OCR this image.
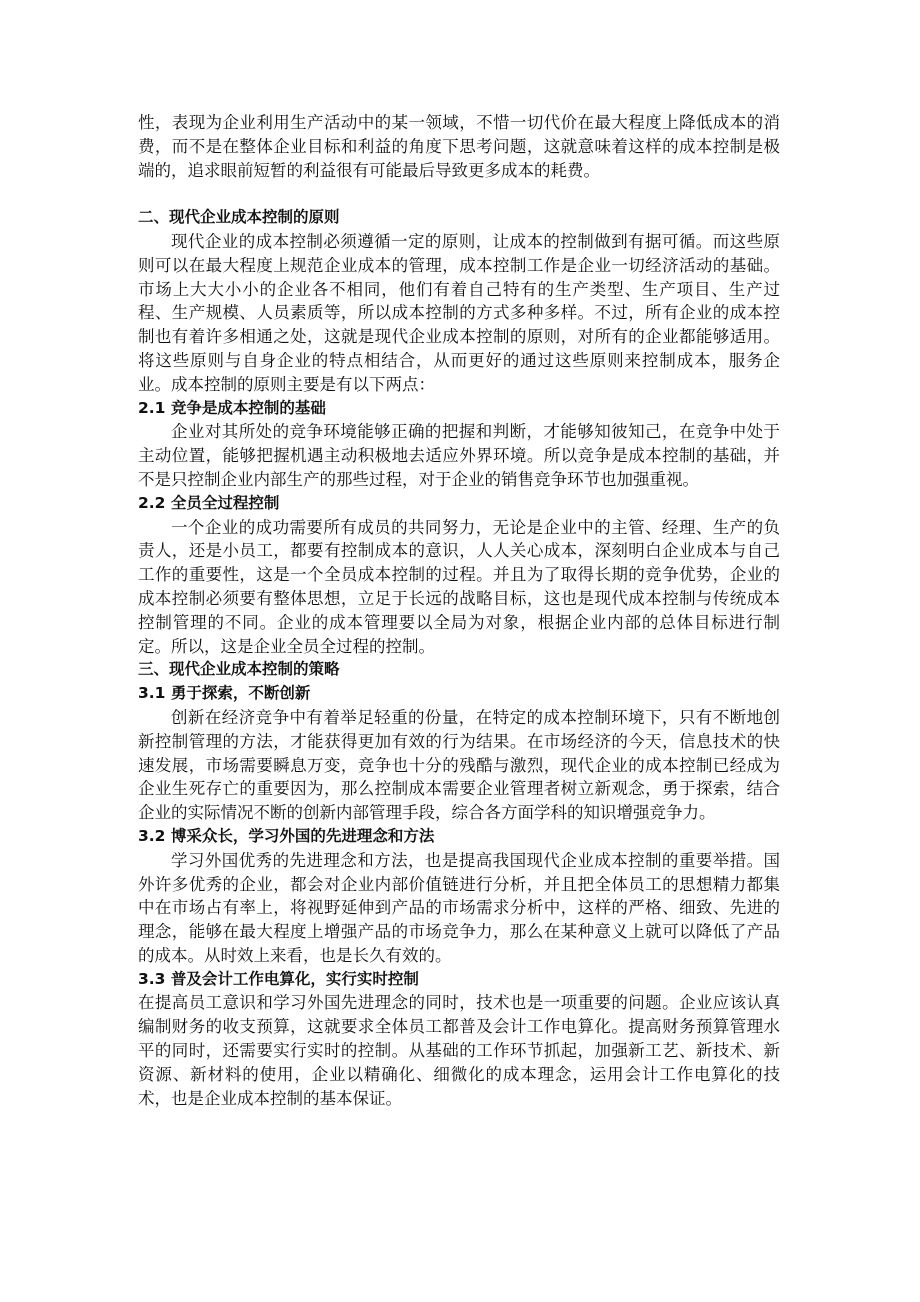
性，表现为企业利用生产活动中的某一领域，不惜一切代价在最大程度上降低成本的消费，而不是在整体企业目标和利益的角度下思考问题，这就意味着这样的成本控制是极端的，追求眼前短暂的利益很有可能最后导致更多成本的耗费。

二、现代企业成本控制的原则

现代企业的成本控制必须遵循一定的原则，让成本的控制做到有据可循。而这些原则可以在最大程度上规范企业成本的管理，成本控制工作是企业一切经济活动的基础。市场上大大小小的企业各不相同，他们有着自己特有的生产类型、生产项目、生产过程、生产规模、人员素质等，所以成本控制的方式多种多样。不过，所有企业的成本控制也有着许多相通之处，这就是现代企业成本控制的原则，对所有的企业都能够适用。将这些原则与自身企业的特点相结合，从而更好的通过这些原则来控制成本，服务企业。成本控制的原则主要是有以下两点：

2.1 竞争是成本控制的基础

企业对其所处的竞争环境能够正确的把握和判断，才能够知彼知己，在竞争中处于主动位置，能够把握机遇主动积极地去适应外界环境。所以竞争是成本控制的基础，并不是只控制企业内部生产的那些过程，对于企业的销售竞争环节也加强重视。

2.2 全员全过程控制

一个企业的成功需要所有成员的共同努力，无论是企业中的主管、经理、生产的负责人，还是小员工，都要有控制成本的意识，人人关心成本，深刻明白企业成本与自己工作的重要性，这是一个全员成本控制的过程。并且为了取得长期的竞争优势，企业的成本控制必须要有整体思想，立足于长远的战略目标，这也是现代成本控制与传统成本控制管理的不同。企业的成本管理要以全局为对象，根据企业内部的总体目标进行制定。所以，这是企业全员全过程的控制。

三、现代企业成本控制的策略

3.1 勇于探索，不断创新

创新在经济竞争中有着举足轻重的份量，在特定的成本控制环境下，只有不断地创新控制管理的方法，才能获得更加有效的行为结果。在市场经济的今天，信息技术的快速发展，市场需要瞬息万变，竞争也十分的残酷与激烈，现代企业的成本控制已经成为企业生死存亡的重要因为，那么控制成本需要企业管理者树立新观念，勇于探索，结合企业的实际情况不断的创新内部管理手段，综合各方面学科的知识增强竞争力。

3.2 博采众长，学习外国的先进理念和方法

学习外国优秀的先进理念和方法，也是提高我国现代企业成本控制的重要举措。国外许多优秀的企业，都会对企业内部价值链进行分析，并且把全体员工的思想精力都集中在市场占有率上，将视野延伸到产品的市场需求分析中，这样的严格、细致、先进的理念，能够在最大程度上增强产品的市场竞争力，那么在某种意义上就可以降低了产品的成本。从时效上来看，也是长久有效的。

3.3 普及会计工作电算化，实行实时控制

在提高员工意识和学习外国先进理念的同时，技术也是一项重要的问题。企业应该认真编制财务的收支预算，这就要求全体员工都普及会计工作电算化。提高财务预算管理水平的同时，还需要实行实时的控制。从基础的工作环节抓起，加强新工艺、新技术、新资源、新材料的使用，企业以精确化、细微化的成本理念，运用会计工作电算化的技术，也是企业成本控制的基本保证。
